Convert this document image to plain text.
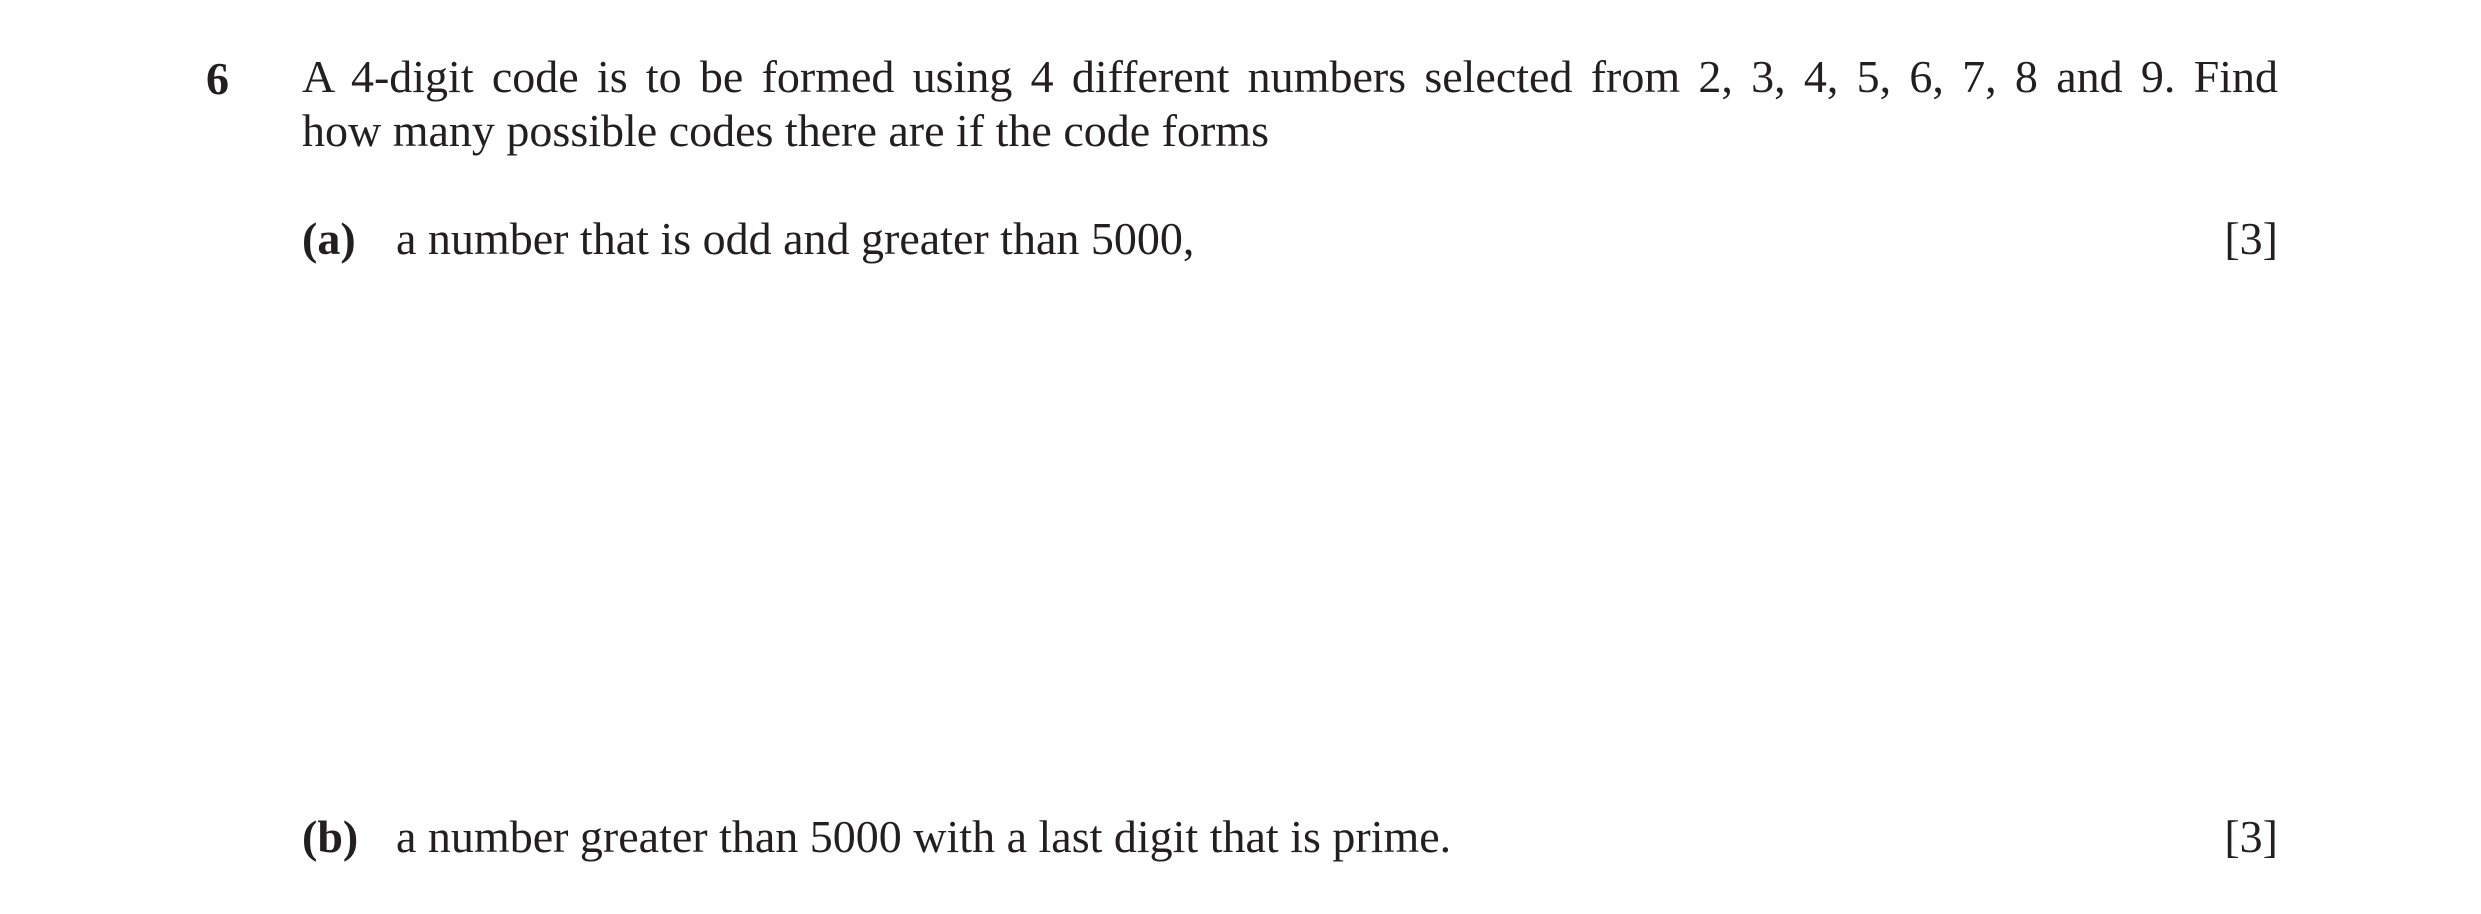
6 A 4-digit code is to be formed using 4 different numbers selected from 2, 3, 4, 5, 6, 7, 8 and 9. Find
how many possible codes there are if the code forms
(a) a number that is odd and greater than 5000,	[3]
(b) a number greater than 5000 with a last digit that is prime.	[3]
